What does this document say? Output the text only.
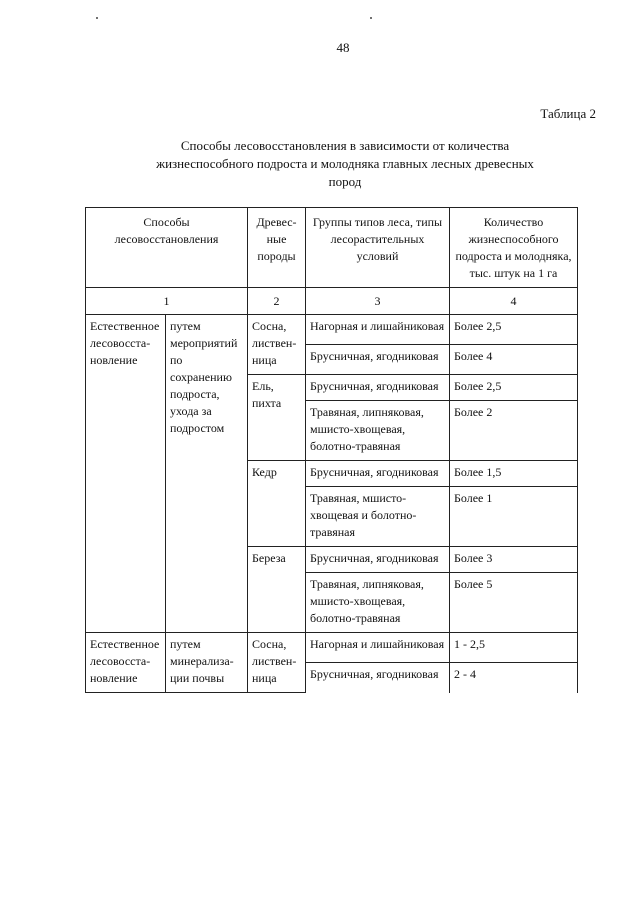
48
Таблица 2
Способы лесовосстановления в зависимости от количества жизнеспособного подроста и молодняка главных лесных древесных пород
Способы лесовосстановления		Древес-ные породы	Группы типов леса, типы лесорастительных условий	Количество жизнеспособного подроста и молодняка, тыс. штук на 1 га
1		2	3	4
Естественное лесовосста-новление	путем мероприятий по сохранению подроста, ухода за подростом	Сосна, листвен-ница	Нагорная и лишайниковая	Более 2,5
			Брусничная, ягодниковая	Более 4
		Ель, пихта	Брусничная, ягодниковая	Более 2,5
			Травяная, липняковая, мшисто-хвощевая, болотно-травяная	Более 2
		Кедр	Брусничная, ягодниковая	Более 1,5
			Травяная, мшисто-хвощевая и болотно-травяная	Более 1
		Береза	Брусничная, ягодниковая	Более 3
			Травяная, липняковая, мшисто-хвощевая, болотно-травяная	Более 5
Естественное лесовосста-новление	путем минерализа-ции почвы	Сосна, листвен-ница	Нагорная и лишайниковая	1 - 2,5
			Брусничная, ягодниковая	2 - 4
